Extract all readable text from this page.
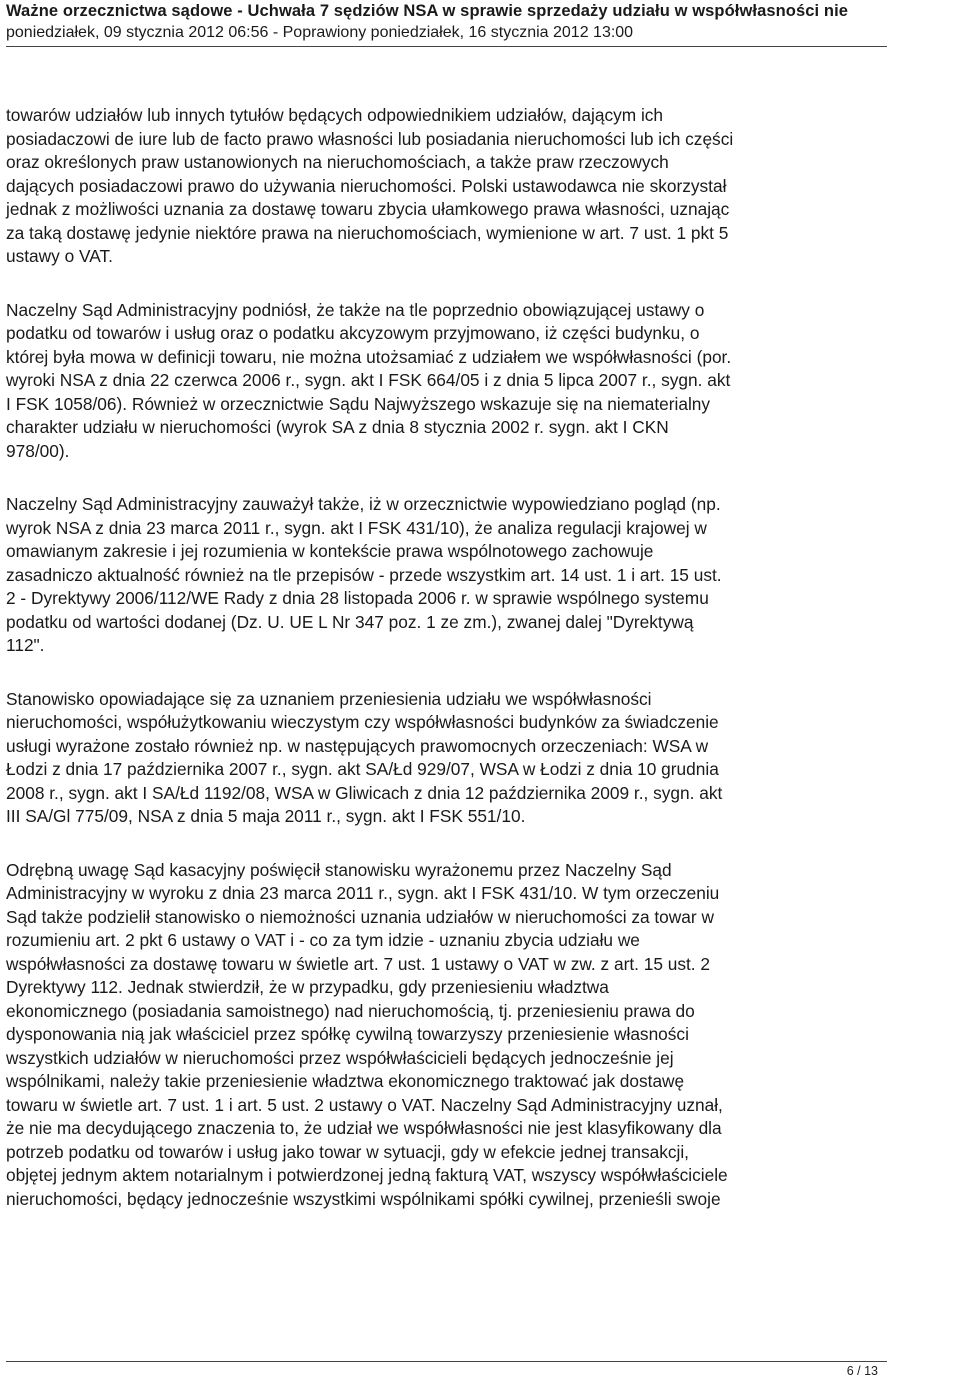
Ważne orzecznictwa sądowe - Uchwała 7 sędziów NSA w sprawie sprzedaży udziału w współwłasności nie
poniedziałek, 09 stycznia 2012 06:56 - Poprawiony poniedziałek, 16 stycznia 2012 13:00
towarów udziałów lub innych tytułów będących odpowiednikiem udziałów, dającym ich
posiadaczowi de iure lub de facto prawo własności lub posiadania nieruchomości lub ich części
oraz określonych praw ustanowionych na nieruchomościach, a także praw rzeczowych
dających posiadaczowi prawo do używania nieruchomości. Polski ustawodawca nie skorzystał
jednak z możliwości uznania za dostawę towaru zbycia ułamkowego prawa własności, uznając
za taką dostawę jedynie niektóre prawa na nieruchomościach, wymienione w art. 7 ust. 1 pkt 5
ustawy o VAT.
Naczelny Sąd Administracyjny podniósł, że także na tle poprzednio obowiązującej ustawy o
podatku od towarów i usług oraz o podatku akcyzowym przyjmowano, iż części budynku, o
której była mowa w definicji towaru, nie można utożsamiać z udziałem we współwłasności (por.
wyroki NSA z dnia 22 czerwca 2006 r., sygn. akt I FSK 664/05 i z dnia 5 lipca 2007 r., sygn. akt
I FSK 1058/06). Również w orzecznictwie Sądu Najwyższego wskazuje się na niematerialny
charakter udziału w nieruchomości (wyrok SA z dnia 8 stycznia 2002 r. sygn. akt I CKN
978/00).
Naczelny Sąd Administracyjny zauważył także, iż w orzecznictwie wypowiedziano pogląd (np.
wyrok NSA z dnia 23 marca 2011 r., sygn. akt I FSK 431/10), że analiza regulacji krajowej w
omawianym zakresie i jej rozumienia w kontekście prawa wspólnotowego zachowuje
zasadniczo aktualność również na tle przepisów - przede wszystkim art. 14 ust. 1 i art. 15 ust.
2 - Dyrektywy 2006/112/WE Rady z dnia 28 listopada 2006 r. w sprawie wspólnego systemu
podatku od wartości dodanej (Dz. U. UE L Nr 347 poz. 1 ze zm.), zwanej dalej "Dyrektywą
112".
Stanowisko opowiadające się za uznaniem przeniesienia udziału we współwłasności
nieruchomości, współużytkowaniu wieczystym czy współwłasności budynków za świadczenie
usługi wyrażone zostało również np. w następujących prawomocnych orzeczeniach: WSA w
Łodzi z dnia 17 października 2007 r., sygn. akt SA/Łd 929/07, WSA w Łodzi z dnia 10 grudnia
2008 r., sygn. akt I SA/Łd 1192/08, WSA w Gliwicach z dnia 12 października 2009 r., sygn. akt
III SA/Gl 775/09, NSA z dnia 5 maja 2011 r., sygn. akt I FSK 551/10.
Odrębną uwagę Sąd kasacyjny poświęcił stanowisku wyrażonemu przez Naczelny Sąd
Administracyjny w wyroku z dnia 23 marca 2011 r., sygn. akt I FSK 431/10. W tym orzeczeniu
Sąd także podzielił stanowisko o niemożności uznania udziałów w nieruchomości za towar w
rozumieniu art. 2 pkt 6 ustawy o VAT i - co za tym idzie - uznaniu zbycia udziału we
współwłasności za dostawę towaru w świetle art. 7 ust. 1 ustawy o VAT w zw. z art. 15 ust. 2
Dyrektywy 112. Jednak stwierdził, że w przypadku, gdy przeniesieniu władztwa
ekonomicznego (posiadania samoistnego) nad nieruchomością, tj. przeniesieniu prawa do
dysponowania nią jak właściciel przez spółkę cywilną towarzyszy przeniesienie własności
wszystkich udziałów w nieruchomości przez współwłaścicieli będących jednocześnie jej
wspólnikami, należy takie przeniesienie władztwa ekonomicznego traktować jak dostawę
towaru w świetle art. 7 ust. 1 i art. 5 ust. 2 ustawy o VAT. Naczelny Sąd Administracyjny uznał,
że nie ma decydującego znaczenia to, że udział we współwłasności nie jest klasyfikowany dla
potrzeb podatku od towarów i usług jako towar w sytuacji, gdy w efekcie jednej transakcji,
objętej jednym aktem notarialnym i potwierdzonej jedną fakturą VAT, wszyscy współwłaściciele
nieruchomości, będący jednocześnie wszystkimi wspólnikami spółki cywilnej, przenieśli swoje
6 / 13
